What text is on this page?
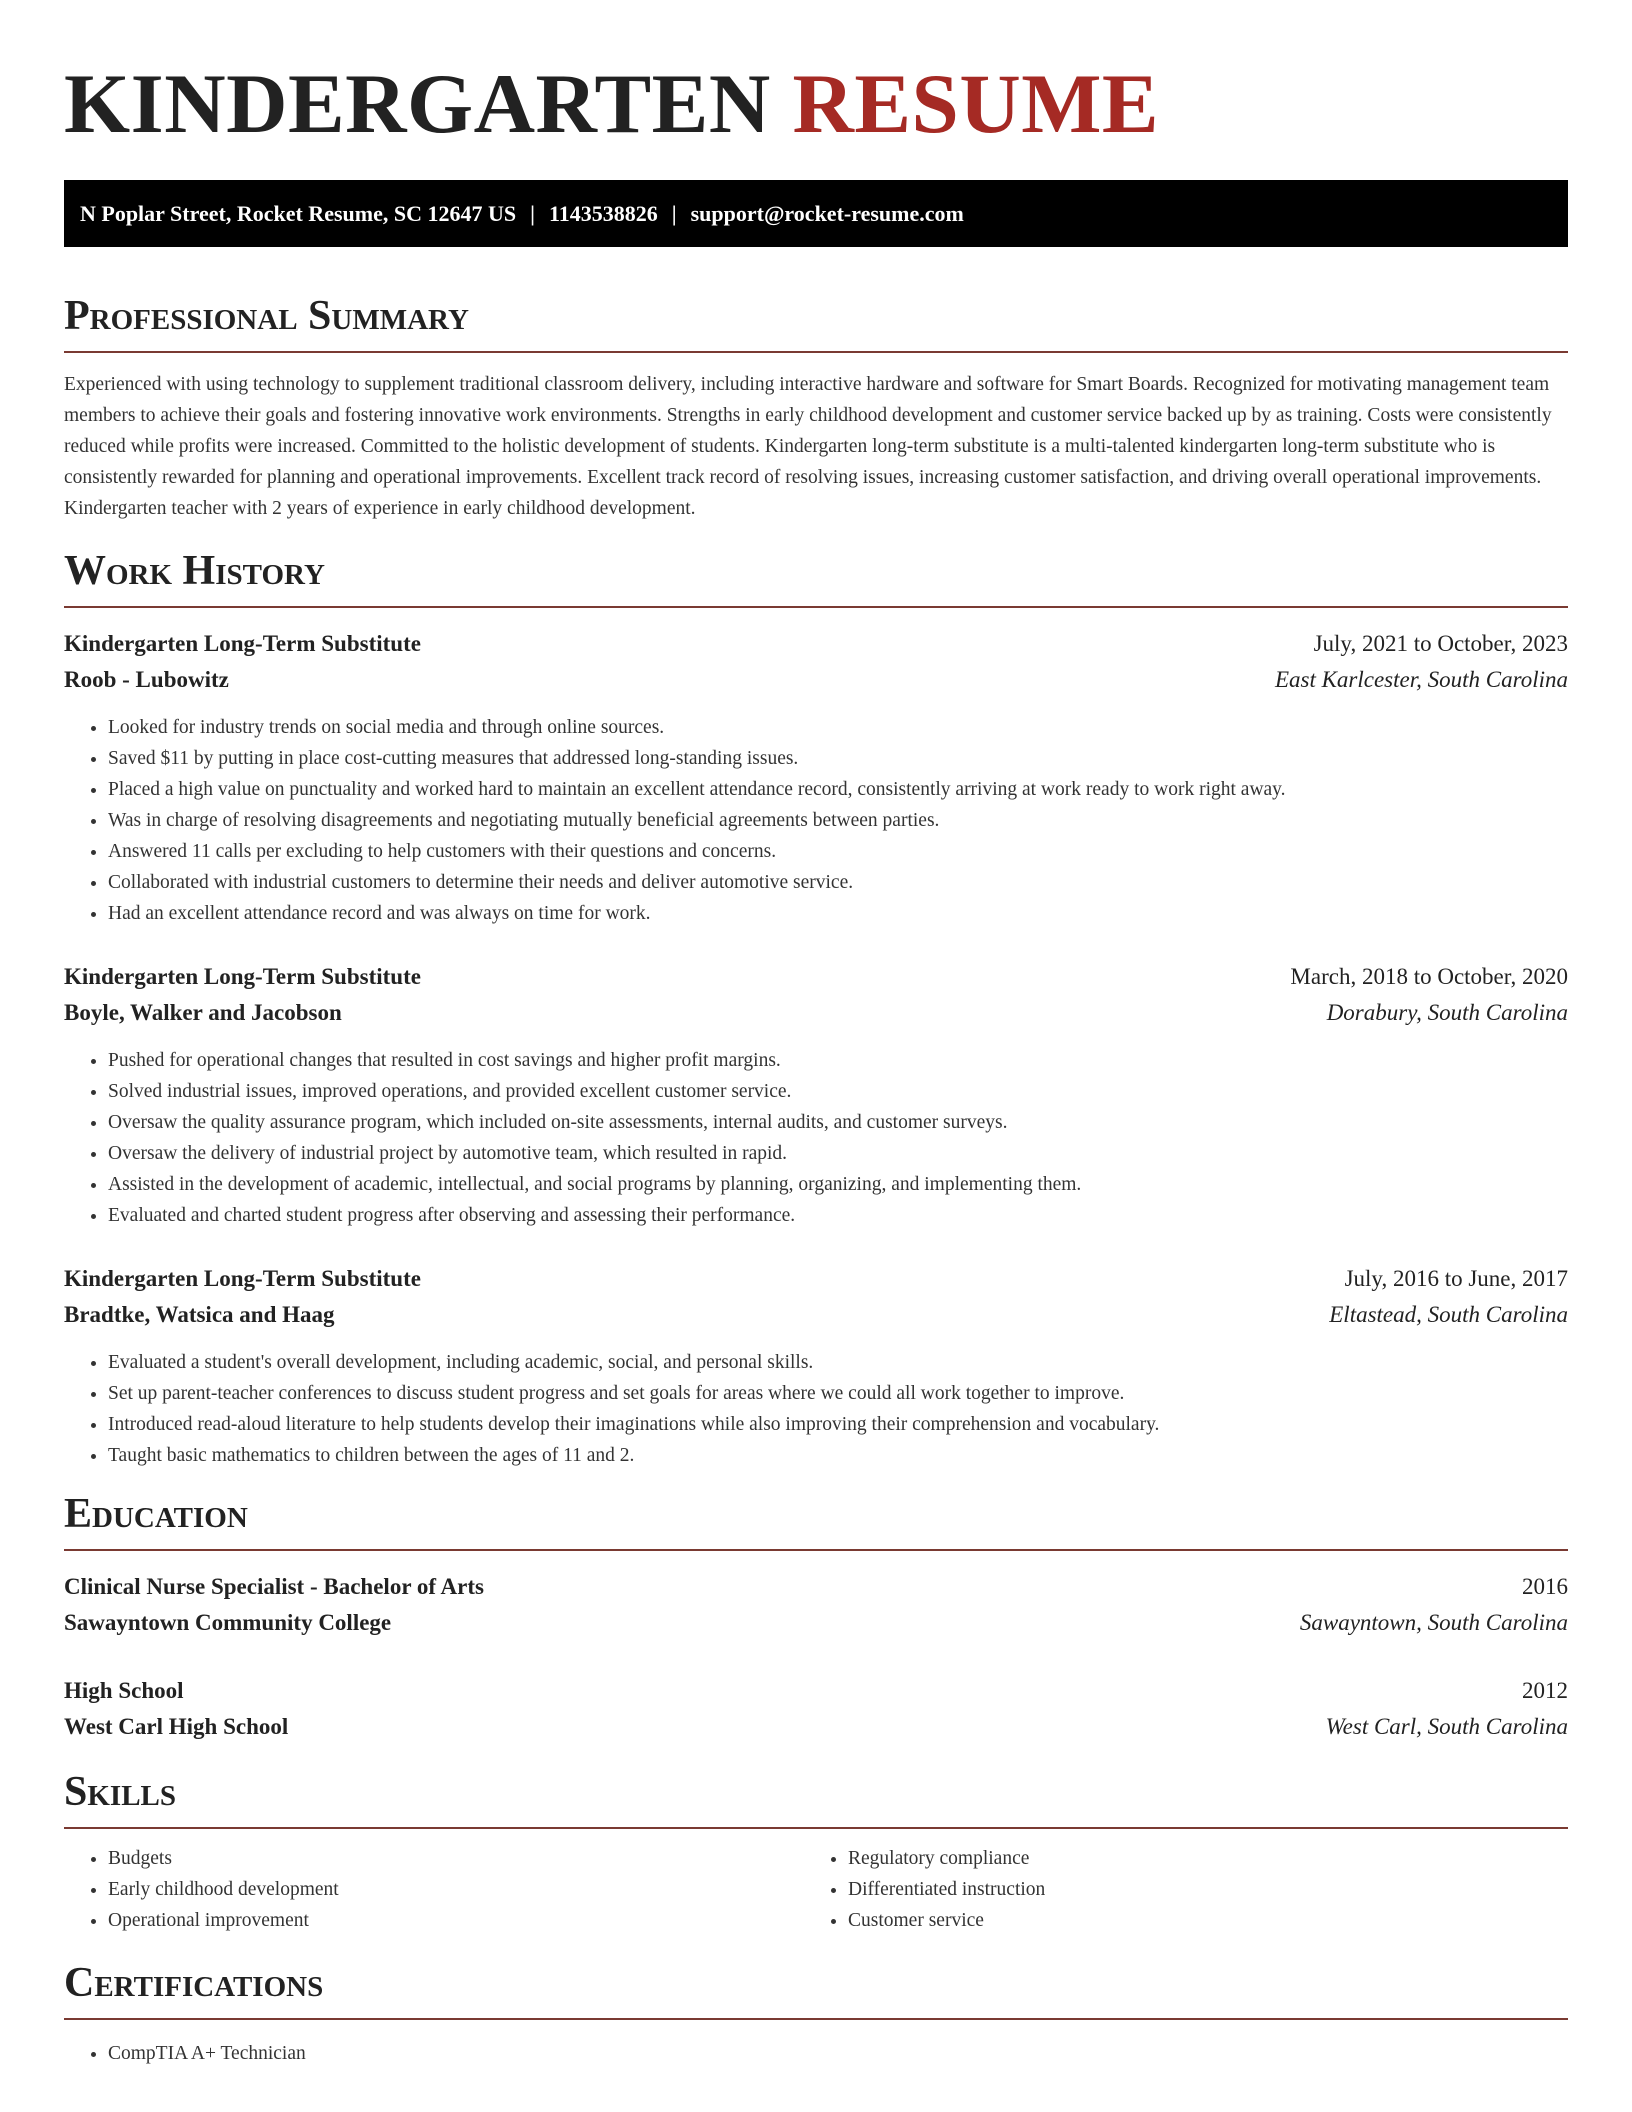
KINDERGARTEN RESUME
N Poplar Street, Rocket Resume, SC 12647 US | 1143538826 | support@rocket-resume.com
Professional Summary

Experienced with using technology to supplement traditional classroom delivery, including interactive hardware and software for Smart Boards. Recognized for motivating management team members to achieve their goals and fostering innovative work environments. Strengths in early childhood development and customer service backed up by as training. Costs were consistently reduced while profits were increased. Committed to the holistic development of students. Kindergarten long-term substitute is a multi-talented kindergarten long-term substitute who is consistently rewarded for planning and operational improvements. Excellent track record of resolving issues, increasing customer satisfaction, and driving overall operational improvements. Kindergarten teacher with 2 years of experience in early childhood development.

Work History
Kindergarten Long-Term Substitute	July, 2021 to October, 2023
Roob - Lubowitz	East Karlcester, South Carolina
• Looked for industry trends on social media and through online sources.
• Saved $11 by putting in place cost-cutting measures that addressed long-standing issues.
• Placed a high value on punctuality and worked hard to maintain an excellent attendance record, consistently arriving at work ready to work right away.
• Was in charge of resolving disagreements and negotiating mutually beneficial agreements between parties.
• Answered 11 calls per excluding to help customers with their questions and concerns.
• Collaborated with industrial customers to determine their needs and deliver automotive service.
• Had an excellent attendance record and was always on time for work.
Kindergarten Long-Term Substitute	March, 2018 to October, 2020
Boyle, Walker and Jacobson	Dorabury, South Carolina
• Pushed for operational changes that resulted in cost savings and higher profit margins.
• Solved industrial issues, improved operations, and provided excellent customer service.
• Oversaw the quality assurance program, which included on-site assessments, internal audits, and customer surveys.
• Oversaw the delivery of industrial project by automotive team, which resulted in rapid.
• Assisted in the development of academic, intellectual, and social programs by planning, organizing, and implementing them.
• Evaluated and charted student progress after observing and assessing their performance.
Kindergarten Long-Term Substitute	July, 2016 to June, 2017
Bradtke, Watsica and Haag	Eltastead, South Carolina
• Evaluated a student's overall development, including academic, social, and personal skills.
• Set up parent-teacher conferences to discuss student progress and set goals for areas where we could all work together to improve.
• Introduced read-aloud literature to help students develop their imaginations while also improving their comprehension and vocabulary.
• Taught basic mathematics to children between the ages of 11 and 2.
Education
Clinical Nurse Specialist - Bachelor of Arts	2016
Sawayntown Community College	Sawayntown, South Carolina
High School	2012
West Carl High School	West Carl, South Carolina
Skills
• Budgets
• Early childhood development
• Operational improvement
• Regulatory compliance
• Differentiated instruction
• Customer service
Certifications
• CompTIA A+ Technician
